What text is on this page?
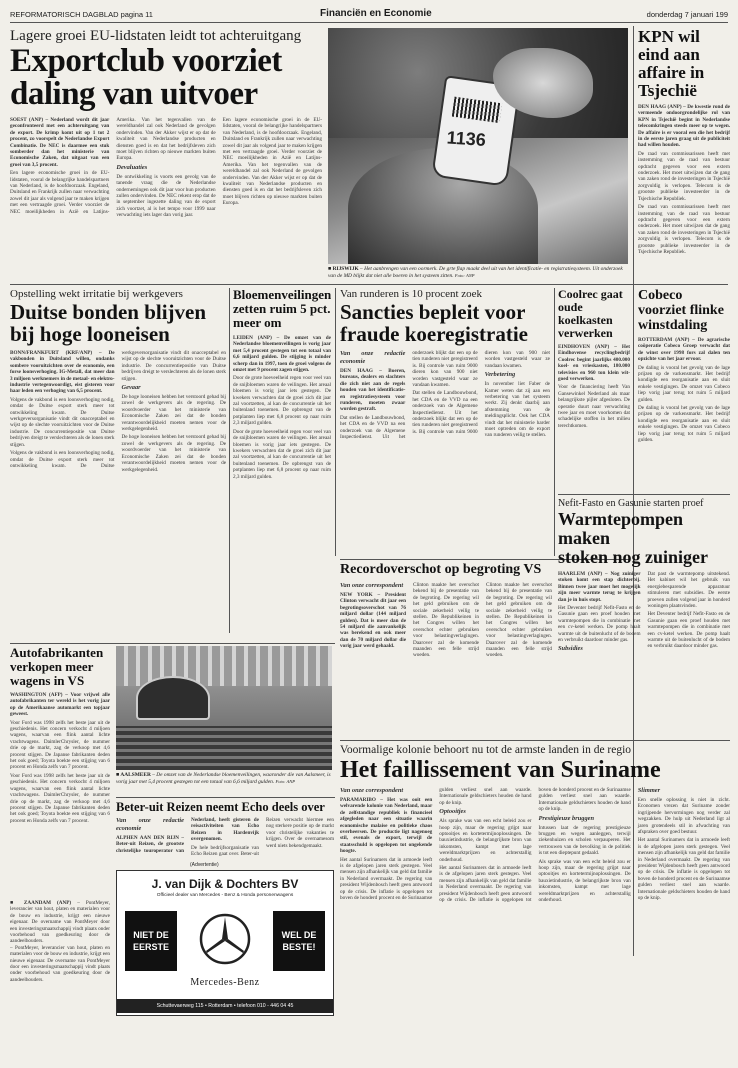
REFORMATORISCH DAGBLAD pagina 11	Financiën en Economie	donderdag 7 januari 199
Lagere groei EU-lidstaten leidt tot achteruitgang
Exportclub voorziet
daling van uitvoer
SOEST (ANP) – Nederland wordt dit jaar geconfronteerd met een achteruitgang van de export. De krimp komt uit op 1 tot 2 procent, zo voorspelt de Nederlandse Export Combinatie. De NEC is daarmee een stuk somberder dan het ministerie van Economische Zaken, dat uitgaat van een groei van 3,5 procent.
Een lagere economische groei in de EU-lidstaten, vooral de belangrijke handelspartners van Nederland, is de hoofdoorzaak. Engeland, Duitsland en Frankrijk zullen naar verwachting zowel dit jaar als volgend jaar te maken krijgen met een vertraagde groei. Verder voorziet de NEC moeilijkheden in Azië en Latijns-Amerika. Van het tegenvallen van de wereldhandel zal ook Nederland de gevolgen ondervinden. Van der Akker wijst er op dat de kwaliteit van Nederlandse producten en diensten goed is en dat het bedrijfsleven zich moet blijven richten op nieuwe markten buiten Europa.
Devaluaties
De ontwikkeling is voorts een gevolg van de tanende vraag die de Nederlandse ondernemingen ook dit jaar voor hun producten zullen ondervinden. De NEC rekent erop dat de in september ingezette daling van de export zich voortzet, al is het tempo voor 1999 naar verwachting iets lager dan vorig jaar.
Een lagere economische groei in de EU-lidstaten, vooral de belangrijke handelspartners van Nederland, is de hoofdoorzaak. Engeland, Duitsland en Frankrijk zullen naar verwachting zowel dit jaar als volgend jaar te maken krijgen met een vertraagde groei. Verder voorziet de NEC moeilijkheden in Azië en Latijns-Amerika. Van het tegenvallen van de wereldhandel zal ook Nederland de gevolgen ondervinden. Van der Akker wijst er op dat de kwaliteit van Nederlandse producten en diensten goed is en dat het bedrijfsleven zich moet blijven richten op nieuwe markten buiten Europa.
1136
■ RIJSWIJK – Het aanbrengen van een oormerk. De grte flap maakt deel uit van het identificatie- en registratiesysteem. Uit onderzoek van de MD blijkt dat niet alle boeren in het systeem zitten. Foto: ANP
KPN wil eind aan affaire in Tsjechië
DEN HAAG (ANP) – De kwestie rond de vermeende ondoorgrondelijke rol van KPN in Tsjechië begint in Nederlandse telecomkringen steeds meer op te wegen. De affaire is er vooral een die het bedrijf in de eerste jaren graag uit de publiciteit had willen houden.
De raad van commissarissen heeft met instemming van de raad van bestuur opdracht gegeven voor een extern onderzoek. Het moet uitwijzen dat de gang van zaken rond de investeringen in Tsjechië zorgvuldig is verlopen. Telecom is de grootste publieke investeerder in de Tsjechische Republiek.
De raad van commissarissen heeft met instemming van de raad van bestuur opdracht gegeven voor een extern onderzoek. Het moet uitwijzen dat de gang van zaken rond de investeringen in Tsjechië zorgvuldig is verlopen. Telecom is de grootste publieke investeerder in de Tsjechische Republiek.
Opstelling wekt irritatie bij werkgevers
Duitse bonden blijven
bij hoge looneisen
BONN/FRANKFURT (KRF/ANP) – De vakbonden in Duitsland willen, ondanks sombere vooruitzichten over de economie, een forse loonsverhoging. IG-Metall, dat meer dan 3 miljoen werknemers in de metaal- en elektro-industrie vertegenwoordigt, eist gisteren voor haar leden een verhoging van 6,5 procent.
Volgens de vakbond is een loonsverhoging nodig, omdat de Duitse export sterk meer tot ontwikkeling kwam. De Duitse werkgeversorganisatie vindt dit onacceptabel en wijst op de slechte vooruitzichten voor de Duitse industrie. De concurrentiepositie van Duitse bedrijven dreigt te verslechteren als de lonen sterk stijgen.
Volgens de vakbond is een loonsverhoging nodig, omdat de Duitse export sterk meer tot ontwikkeling kwam. De Duitse werkgeversorganisatie vindt dit onacceptabel en wijst op de slechte vooruitzichten voor de Duitse industrie. De concurrentiepositie van Duitse bedrijven dreigt te verslechteren als de lonen sterk stijgen.
Gevaar
De hoge looneisen hebben het verstoord gehad bij zowel de werkgevers als de regering. De woordvoerder van het ministerie van Economische Zaken zei dat de bonden verantwoordelijkheid moeten nemen voor de werkgelegenheid.
De hoge looneisen hebben het verstoord gehad bij zowel de werkgevers als de regering. De woordvoerder van het ministerie van Economische Zaken zei dat de bonden verantwoordelijkheid moeten nemen voor de werkgelegenheid.
Bloemenveilingen zetten ruim 5 pct. meer om
LEIDEN (ANP) – De omzet van de Nederlandse bloemenveilingen is vorig jaar met 5,4 procent gestegen tot een totaal van 6,6 miljard gulden. De stijging is minder scherp dan in 1997, toen de groei volgens de omzet met 9 procent zagen stijgen.
Door de grote hoeveelheid regen voor veel van de snijbloemen waren de veilingen. Het areaal bloemen is vorig jaar iets gestegen. De kwekers verwachten dat de groei zich dit jaar zal voortzetten, al kan de concurrentie uit het buitenland toenemen. De opbrengst van de potplanten liep met 6,8 procent op naar ruim 2,3 miljard gulden.
Door de grote hoeveelheid regen voor veel van de snijbloemen waren de veilingen. Het areaal bloemen is vorig jaar iets gestegen. De kwekers verwachten dat de groei zich dit jaar zal voortzetten, al kan de concurrentie uit het buitenland toenemen. De opbrengst van de potplanten liep met 6,8 procent op naar ruim 2,3 miljard gulden.
Van runderen is 10 procent zoek
Sancties bepleit voor
fraude koeregistratie
Van onze redactie economie
DEN HAAG – Boeren, bureaus, dealers en slachters die zich niet aan de regels houden van het identificatie- en registratiesysteem voor runderen, moeten zwaar worden gestraft.
Dat stellen de Landbouwbond, het CDA en de VVD na een onderzoek van de Algemene Inspectiedienst. Uit het onderzoek blijkt dat een op de tien runderen niet geregistreerd is. Bij controle van ruim 9000 dieren kon van 900 niet worden vastgesteld waar ze vandaan kwamen.
Dat stellen de Landbouwbond, het CDA en de VVD na een onderzoek van de Algemene Inspectiedienst. Uit het onderzoek blijkt dat een op de tien runderen niet geregistreerd is. Bij controle van ruim 9000 dieren kon van 900 niet worden vastgesteld waar ze vandaan kwamen.
Verbetering
In november liet Faber de Kamer weten dat zij aan een verbetering van het systeem werkt. Zij denkt daarbij aan afstemming van de meldingsplicht. Ook het CDA vindt dat het ministerie harder moet optreden om de export van runderen veilig te stellen.
Coolrec gaat oude koelkasten verwerken
EINDHOVEN (ANP) – Het Eindhovense recyclingbedrijf Coolrec begint jaarlijks 400.000 koel- en vrieskasten, 180.000 televisies en 960 ton klein wit-goed verwerken.
Voor de financiering heeft Van Gansewinkel Nederland als maar belangrijkste pijler afgesloten. De operatie duurt naar verwachting twee jaar en moet voorkomen dat schadelijke stoffen in het milieu terechtkomen.
Cobeco voorziet flinke winstdaling
ROTTERDAM (ANP) – De agrarische coöperatie Cobeco Groep verwacht dat de winst over 1998 fors zal dalen ten opzichte van het jaar ervoor.
De daling is vooral het gevolg van de lage prijzen op de varkensmarkt. Het bedrijf kondigde een reorganisatie aan en sluit enkele vestigingen. De omzet van Cobeco liep vorig jaar terug tot ruim 5 miljard gulden.
De daling is vooral het gevolg van de lage prijzen op de varkensmarkt. Het bedrijf kondigde een reorganisatie aan en sluit enkele vestigingen. De omzet van Cobeco liep vorig jaar terug tot ruim 5 miljard gulden.
Recordoverschot op begroting VS
Van onze correspondent
NEW YORK – President Clinton verwacht dit jaar een begrotingsoverschot van 76 miljard dollar (144 miljard gulden). Dat is meer dan de 54 miljard die aanvankelijk was berekend en ook meer dan de 70 miljard dollar die vorig jaar werd gehaald.
Clinton maakte het overschot bekend bij de presentatie van de begroting. De regering wil het geld gebruiken om de sociale zekerheid veilig te stellen. De Republikeinen in het Congres willen het overschot echter gebruiken voor belastingverlagingen. Daarover zal de komende maanden een felle strijd woeden.
Clinton maakte het overschot bekend bij de presentatie van de begroting. De regering wil het geld gebruiken om de sociale zekerheid veilig te stellen. De Republikeinen in het Congres willen het overschot echter gebruiken voor belastingverlagingen. Daarover zal de komende maanden een felle strijd woeden.
Nefit-Fasto en Gasunie starten proef
Warmtepompen maken
stoken nog zuiniger
HAARLEM (ANP) – Nog zuiniger stoken komt een stap dichterbij. Binnen twee jaar moet het mogelijk zijn meer warmte terug te krijgen dan je in huis stopt.
Het Deventer bedrijf Nefit-Fasto en de Gasunie gaan een proef houden met warmtepompen die in combinatie met een cv-ketel werken. De pomp haalt warmte uit de buitenlucht of de bodem en verbruikt daardoor minder gas.
Subsidies
Dat past de warmtepomp uitstekend. Het kabinet wil het gebruik van energiebesparende apparatuur stimuleren met subsidies. De eerste proeven zullen volgend jaar in honderd woningen plaatsvinden.
Het Deventer bedrijf Nefit-Fasto en de Gasunie gaan een proef houden met warmtepompen die in combinatie met een cv-ketel werken. De pomp haalt warmte uit de buitenlucht of de bodem en verbruikt daardoor minder gas.
Autofabrikanten verkopen meer wagens in VS
WASHINGTON (AFP) – Voor vrijwel alle autofabrikanten ter wereld is het vorig jaar op de Amerikaanse automarkt een topjaar geweest.
Voor Ford was 1998 zelfs het beste jaar uit de geschiedenis. Het concern verkocht 4 miljoen wagens, waarvan een flink aantal lichte vrachtwagens. DaimlerChrysler, de nummer drie op de markt, zag de verkoop met 4,6 procent stijgen. De Japanse fabrikanten deden het ook goed; Toyota boekte een stijging van 6 procent en Honda zelfs van 7 procent.
Voor Ford was 1998 zelfs het beste jaar uit de geschiedenis. Het concern verkocht 4 miljoen wagens, waarvan een flink aantal lichte vrachtwagens. DaimlerChrysler, de nummer drie op de markt, zag de verkoop met 4,6 procent stijgen. De Japanse fabrikanten deden het ook goed; Toyota boekte een stijging van 6 procent en Honda zelfs van 7 procent.
■ AALSMEER – De omzet van de Nederlandse bloemenveilingen, waaronder die van Aalsmeer, is vorig jaar met 5,4 procent gestegen tot een totaal van 6,6 miljard gulden. Foto: ANP
Beter-uit Reizen neemt Echo deels over
Van onze redactie economie
ALPHEN AAN DEN RIJN – Beter-uit Reizen, de grootste christelijke touroperator van Nederland, heeft gisteren de reisactiviteiten van Echo Reizen in Hardenvijk overgenomen.
De hele bedrijfsorganisatie van Echo Reizen gaat over. Beter-uit Reizen verwacht hiermee een nog sterkere positie op de markt voor christelijke vakanties te krijgen. Over de overnamesom werd niets bekendgemaakt.
(Advertentie)
J. van Dijk & Dochters BV
Officieel dealer van Mercedes - Benz & Honda personenwagens
NIET DE EERSTE
WEL DE BESTE!
Mercedes-Benz
Schuttevaerweg 115 • Rotterdam • telefoon 010 - 446 04 45
■ ZAANDAM (ANP) – PontMeyer, leverancier van hout, platen en materialen voor de bouw en industrie, krijgt een nieuwe eigenaar. De overname van PontMeyer door een investeringsmaatschappij vindt plaats onder voorbehoud van goedkeuring door de aandeelhouders.
– PontMeyer, leverancier van hout, platen en materialen voor de bouw en industrie, krijgt een nieuwe eigenaar. De overname van PontMeyer door een investeringsmaatschappij vindt plaats onder voorbehoud van goedkeuring door de aandeelhouders.
Voormalige kolonie behoort nu tot de armste landen in de regio
Het faillissement van Suriname
Van onze correspondent
PARAMARIBO – Het was ooit een welvarende kolonie van Nederland, maar de zelfstandige republiek is financieel afgegleden naar een situatie waarin economische malaise en politieke chaos overheersen. De productie ligt nagenoeg stil, evenals de export, terwijl de staatsschuld is opgelopen tot ongekende hoogte.
Het aantal Surinamers dat in armoede leeft is de afgelopen jaren sterk gestegen. Veel mensen zijn afhankelijk van geld dat familie in Nederland overmaakt. De regering van president Wijdenbosch heeft geen antwoord op de crisis. De inflatie is opgelopen tot boven de honderd procent en de Surinaamse gulden verliest snel aan waarde. Internationale geldschieters houden de hand op de knip.
Optooitjes
Als sprake was van een echt beleid zou er hoop zijn, maar de regering grijpt naar optooitjes en kortetermijnoplossingen. De bauxietindustrie, de belangrijkste bron van inkomsten, kampt met lage wereldmarktprijzen en achterstallig onderhoud.
Het aantal Surinamers dat in armoede leeft is de afgelopen jaren sterk gestegen. Veel mensen zijn afhankelijk van geld dat familie in Nederland overmaakt. De regering van president Wijdenbosch heeft geen antwoord op de crisis. De inflatie is opgelopen tot boven de honderd procent en de Surinaamse gulden verliest snel aan waarde. Internationale geldschieters houden de hand op de knip.
Prestigieuze bruggen
Intussen laat de regering prestigieuze bruggen en wegen aanleggen, terwijl ziekenhuizen en scholen verpauperen. Het vertrouwen van de bevolking in de politiek is tot een dieptepunt gedaald.
Als sprake was van een echt beleid zou er hoop zijn, maar de regering grijpt naar optooitjes en kortetermijnoplossingen. De bauxietindustrie, de belangrijkste bron van inkomsten, kampt met lage wereldmarktprijzen en achterstallig onderhoud.
Slimmer
Een snelle oplossing is niet in zicht. Economen vrezen dat Suriname zonder ingrijpende hervormingen nog verder zal wegzakken. De hulp uit Nederland ligt al jaren grotendeels stil in afwachting van afspraken over goed bestuur.
Het aantal Surinamers dat in armoede leeft is de afgelopen jaren sterk gestegen. Veel mensen zijn afhankelijk van geld dat familie in Nederland overmaakt. De regering van president Wijdenbosch heeft geen antwoord op de crisis. De inflatie is opgelopen tot boven de honderd procent en de Surinaamse gulden verliest snel aan waarde. Internationale geldschieters houden de hand op de knip.
